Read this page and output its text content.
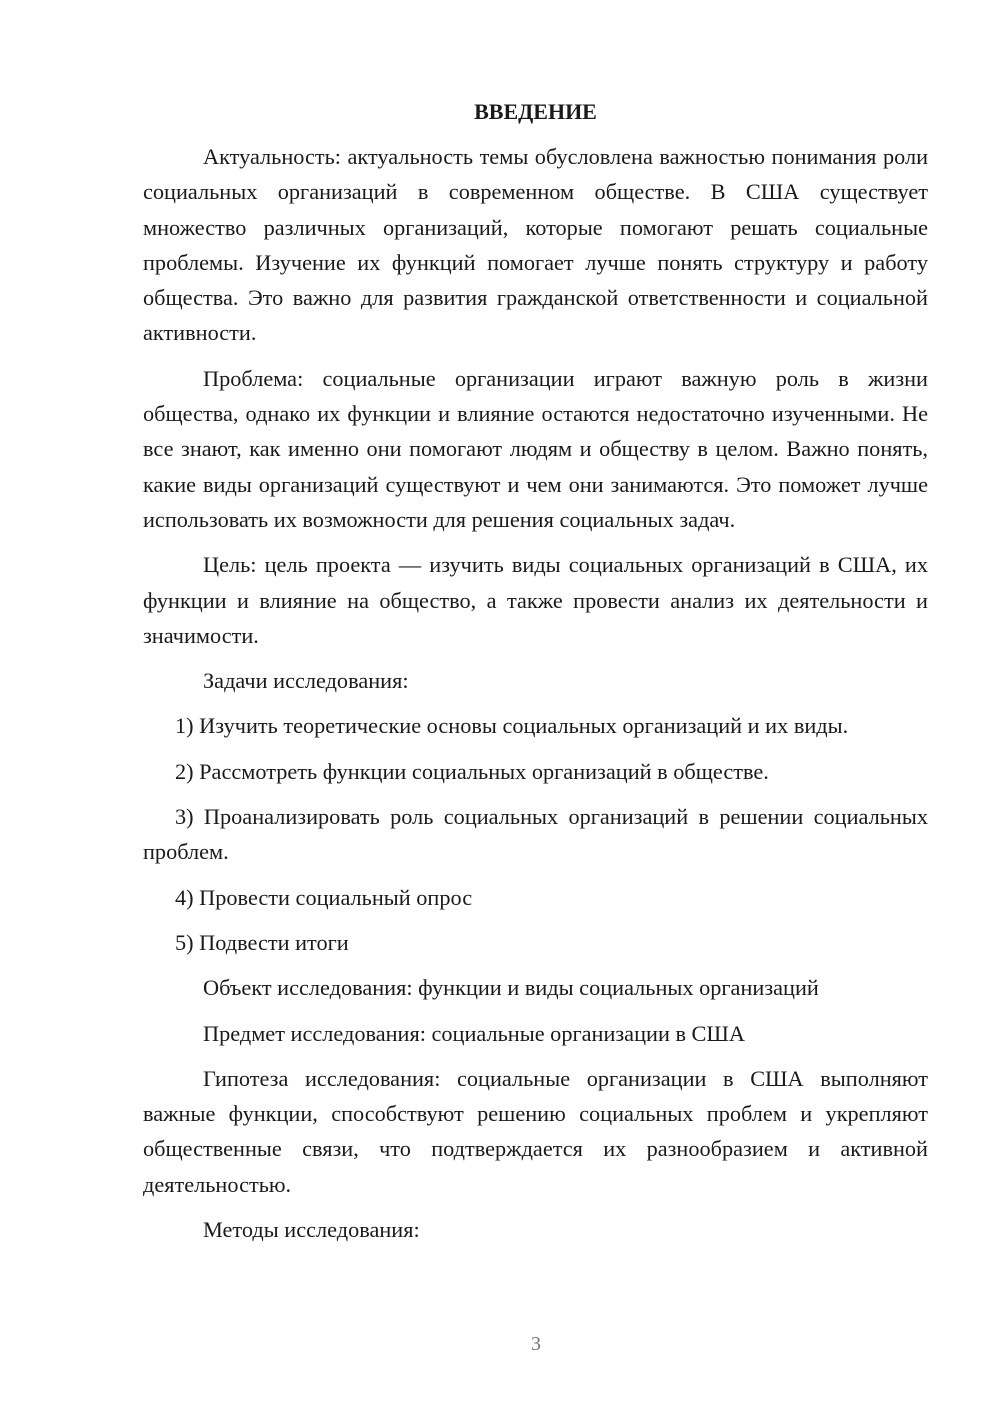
ВВЕДЕНИЕ

Актуальность: актуальность темы обусловлена важностью понимания роли социальных организаций в современном обществе. В США существует множество различных организаций, которые помогают решать социальные проблемы. Изучение их функций помогает лучше понять структуру и работу общества. Это важно для развития гражданской ответственности и социальной активности.

Проблема: социальные организации играют важную роль в жизни общества, однако их функции и влияние остаются недостаточно изученными. Не все знают, как именно они помогают людям и обществу в целом. Важно понять, какие виды организаций существуют и чем они занимаются. Это поможет лучше использовать их возможности для решения социальных задач.

Цель: цель проекта — изучить виды социальных организаций в США, их функции и влияние на общество, а также провести анализ их деятельности и значимости.

Задачи исследования:

1) Изучить теоретические основы социальных организаций и их виды.

2) Рассмотреть функции социальных организаций в обществе.

3) Проанализировать роль социальных организаций в решении социальных проблем.

4) Провести социальный опрос

5) Подвести итоги

Объект исследования: функции и виды социальных организаций

Предмет исследования: социальные организации в США

Гипотеза исследования: социальные организации в США выполняют важные функции, способствуют решению социальных проблем и укрепляют общественные связи, что подтверждается их разнообразием и активной деятельностью.

Методы исследования:

3
